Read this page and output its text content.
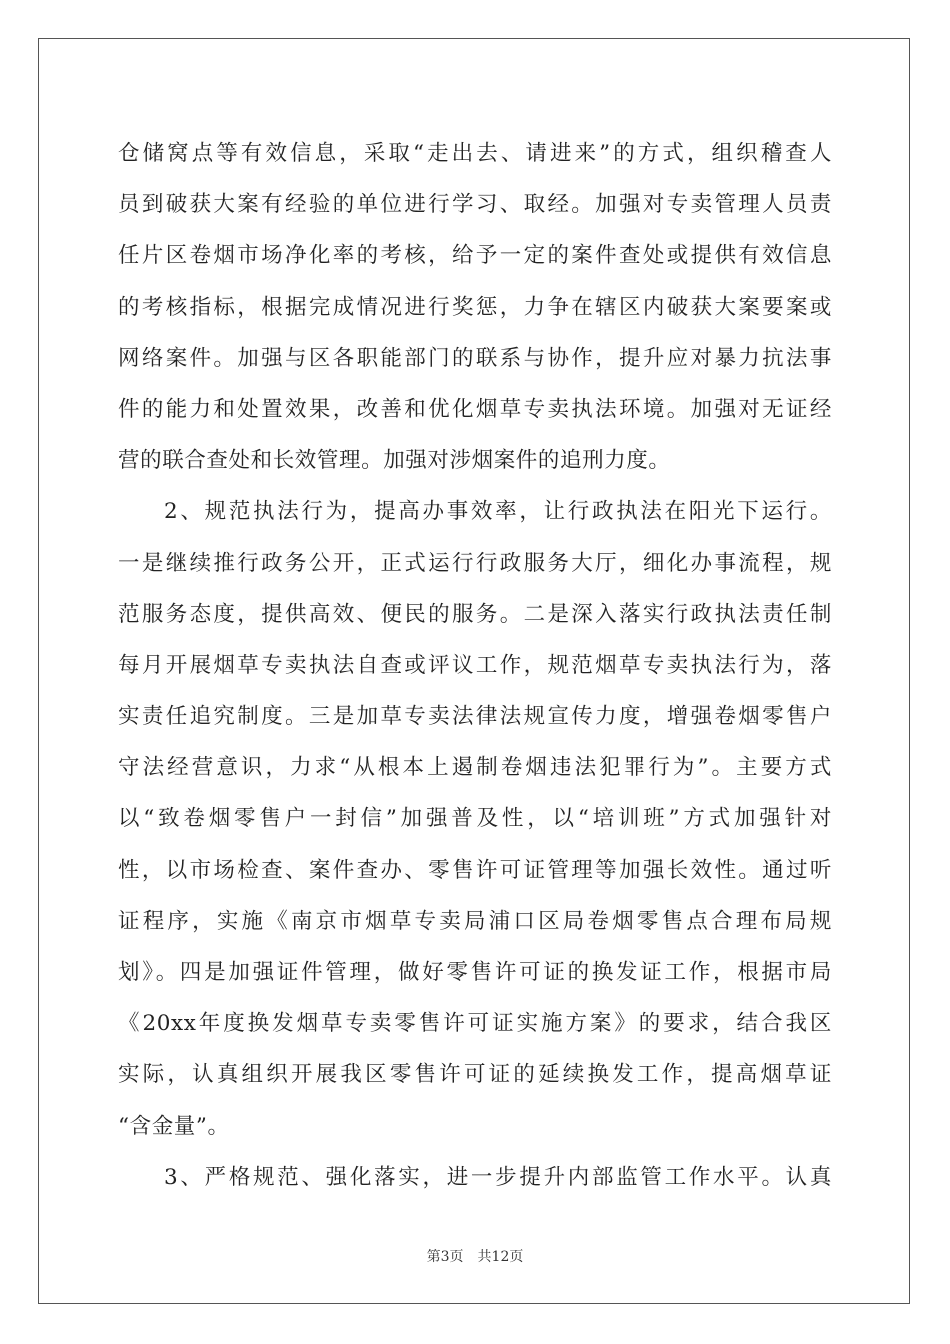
仓储窝点等有效信息，采取“走出去、请进来”的方式，组织稽查人
员到破获大案有经验的单位进行学习、取经。加强对专卖管理人员责
任片区卷烟市场净化率的考核，给予一定的案件查处或提供有效信息
的考核指标，根据完成情况进行奖惩，力争在辖区内破获大案要案或
网络案件。加强与区各职能部门的联系与协作，提升应对暴力抗法事
件的能力和处置效果，改善和优化烟草专卖执法环境。加强对无证经
营的联合查处和长效管理。加强对涉烟案件的追刑力度。
2、规范执法行为，提高办事效率，让行政执法在阳光下运行。
一是继续推行政务公开，正式运行行政服务大厅，细化办事流程，规
范服务态度，提供高效、便民的服务。二是深入落实行政执法责任制
每月开展烟草专卖执法自查或评议工作，规范烟草专卖执法行为，落
实责任追究制度。三是加草专卖法律法规宣传力度，增强卷烟零售户
守法经营意识，力求“从根本上遏制卷烟违法犯罪行为”。主要方式
以“致卷烟零售户一封信”加强普及性，以“培训班”方式加强针对
性，以市场检查、案件查办、零售许可证管理等加强长效性。通过听
证程序，实施《南京市烟草专卖局浦口区局卷烟零售点合理布局规
划》。四是加强证件管理，做好零售许可证的换发证工作，根据市局
《20xx年度换发烟草专卖零售许可证实施方案》的要求，结合我区
实际，认真组织开展我区零售许可证的延续换发工作，提高烟草证
“含金量”。
3、严格规范、强化落实，进一步提升内部监管工作水平。认真
第3页 共12页
